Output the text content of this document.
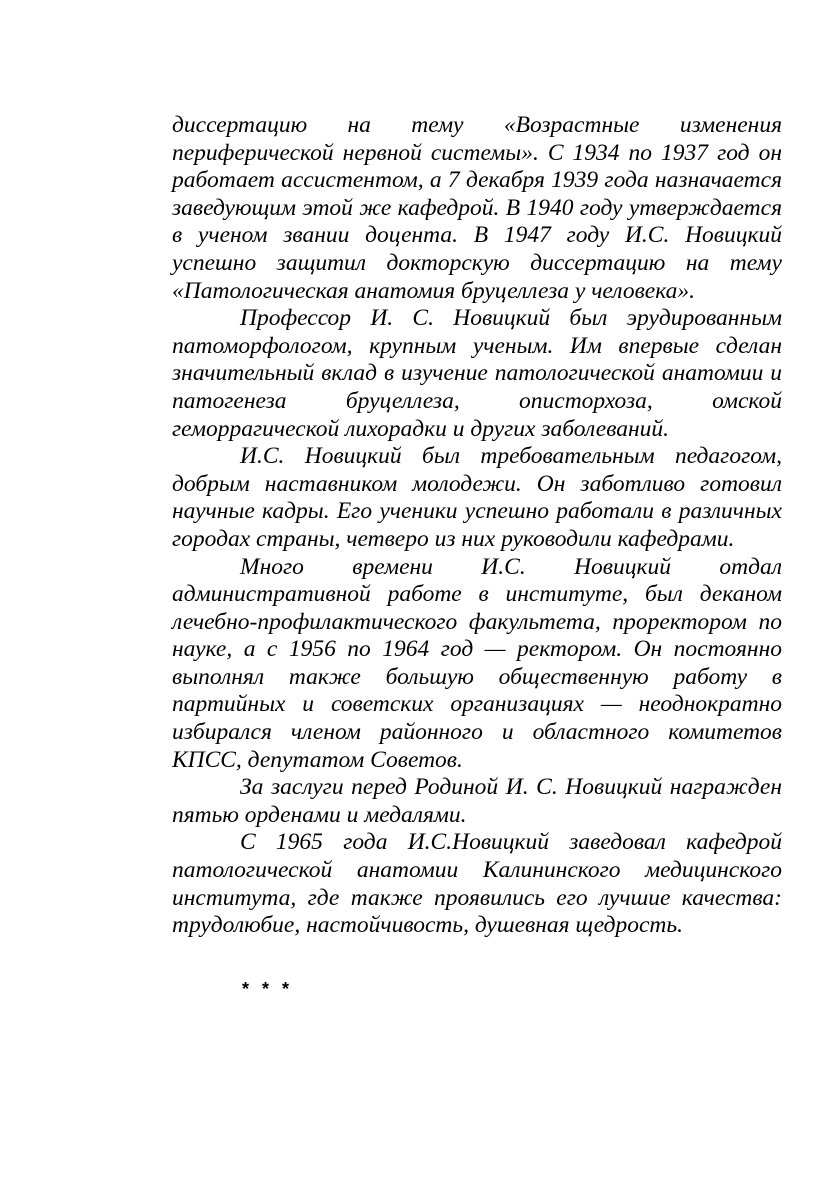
диссертацию на тему «Возрастные изменения периферической нервной системы». С 1934 по 1937 год он работает ассистентом, а 7 декабря 1939 года назначается заведующим этой же кафедрой. В 1940 году утверждается в ученом звании доцента. В 1947 году И.С. Новицкий успешно защитил докторскую диссертацию на тему «Патологическая анатомия бруцеллеза у человека».

Профессор И. С. Новицкий был эрудированным патоморфологом, крупным ученым. Им впервые сделан значительный вклад в изучение патологической анатомии и патогенеза бруцеллеза, описторхоза, омской геморрагической лихорадки и других заболеваний.

И.С. Новицкий был требовательным педагогом, добрым наставником молодежи. Он заботливо готовил научные кадры. Его ученики успешно работали в различных городах страны, четверо из них руководили кафедрами.

Много времени И.С. Новицкий отдал административной работе в институте, был деканом лечебно-профилактического факультета, проректором по науке, а с 1956 по 1964 год — ректором. Он постоянно выполнял также большую общественную работу в партийных и советских организациях — неоднократно избирался членом районного и областного комитетов КПСС, депутатом Советов.

За заслуги перед Родиной И. С. Новицкий награжден пятью орденами и медалями.

С 1965 года И.С.Новицкий заведовал кафедрой патологической анатомии Калининского медицинского института, где также проявились его лучшие качества: трудолюбие, настойчивость, душевная щедрость.

* * *
